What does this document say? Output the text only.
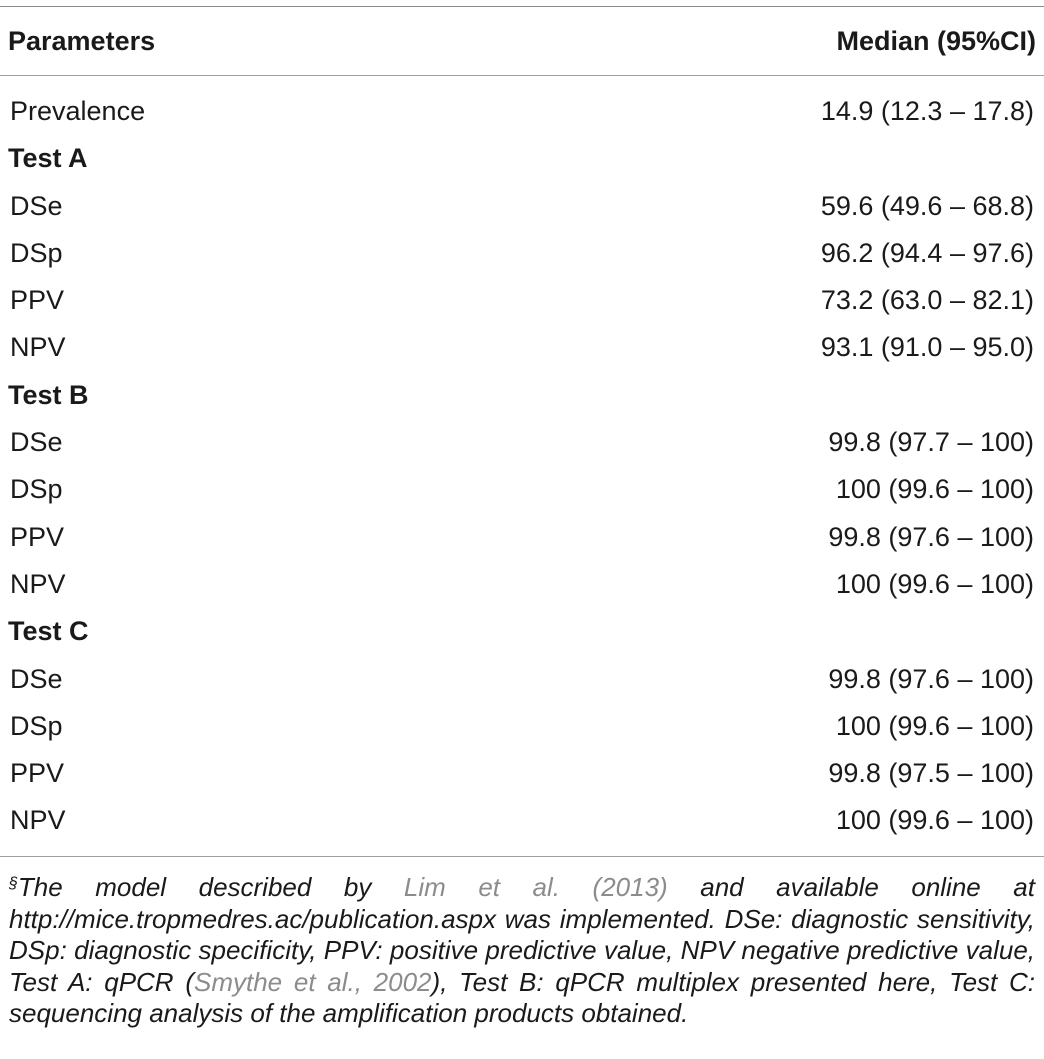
Parameters	Median (95%CI)
Prevalence	14.9 (12.3 – 17.8)
Test A
DSe	59.6 (49.6 – 68.8)
DSp	96.2 (94.4 – 97.6)
PPV	73.2 (63.0 – 82.1)
NPV	93.1 (91.0 – 95.0)
Test B
DSe	99.8 (97.7 – 100)
DSp	100 (99.6 – 100)
PPV	99.8 (97.6 – 100)
NPV	100 (99.6 – 100)
Test C
DSe	99.8 (97.6 – 100)
DSp	100 (99.6 – 100)
PPV	99.8 (97.5 – 100)
NPV	100 (99.6 – 100)
§The model described by Lim et al. (2013) and available online at http://mice.tropmedres.ac/publication.aspx was implemented. DSe: diagnostic sensitivity, DSp: diagnostic specificity, PPV: positive predictive value, NPV negative predictive value, Test A: qPCR (Smythe et al., 2002), Test B: qPCR multiplex presented here, Test C: sequencing analysis of the amplification products obtained.
